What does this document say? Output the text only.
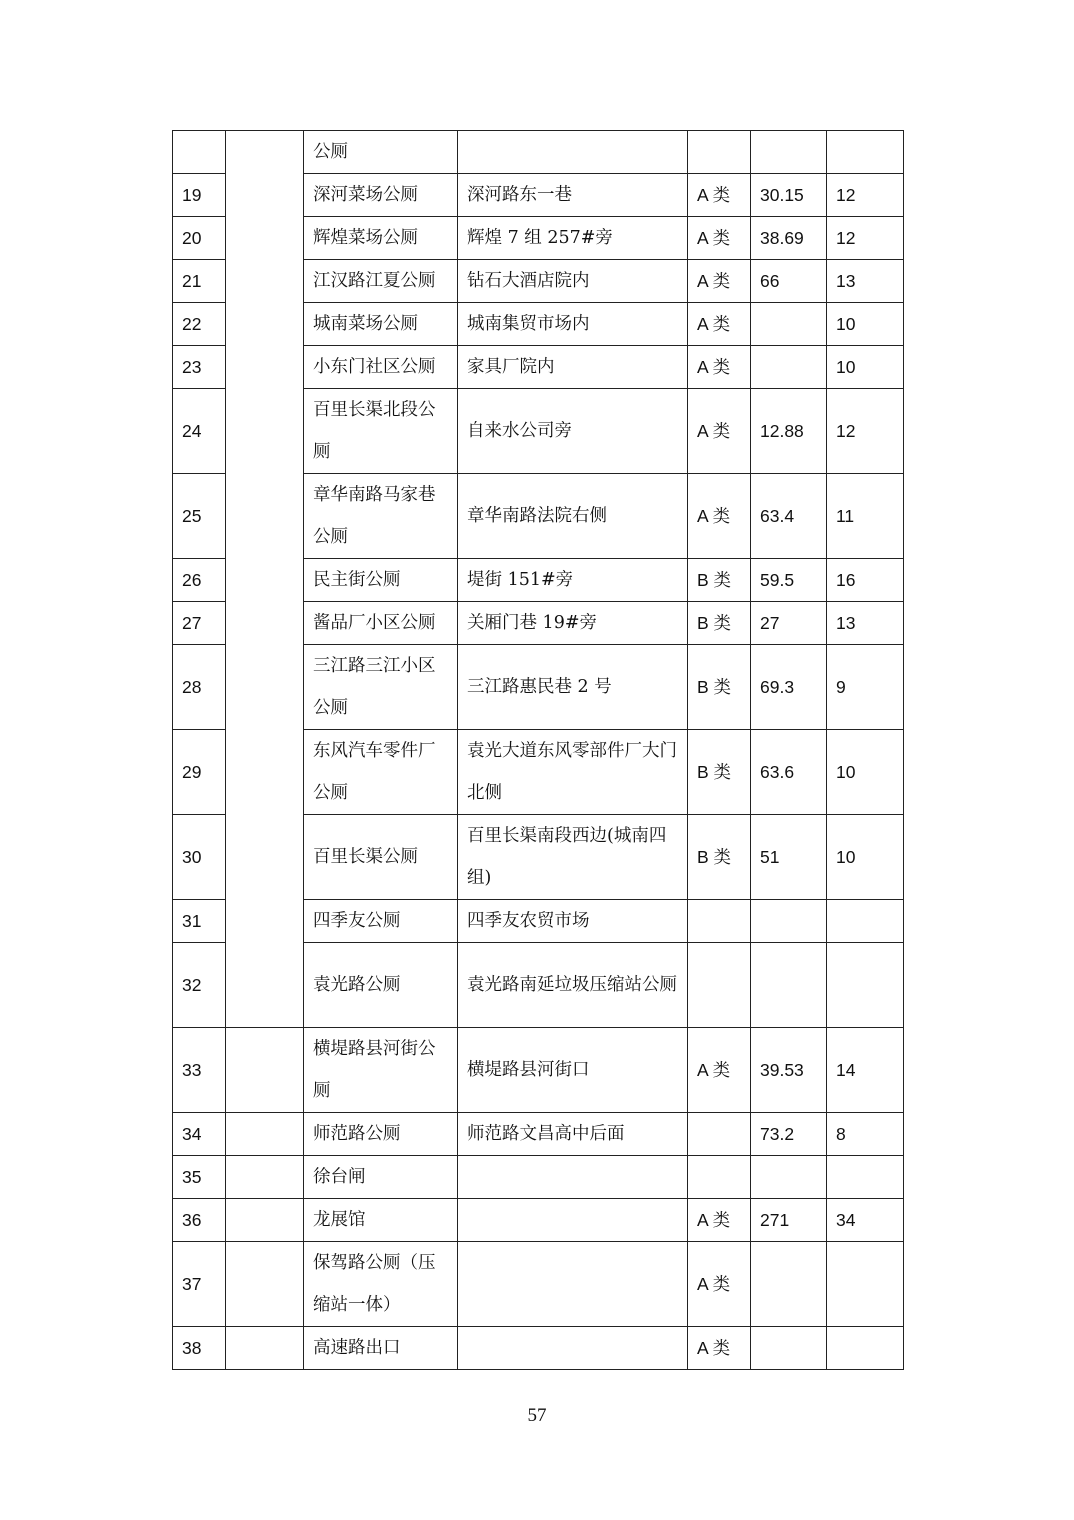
		公厕				
19		深河菜场公厕	深河路东一巷	A 类	30.15	12
20		辉煌菜场公厕	辉煌 7 组 257#旁	A 类	38.69	12
21		江汉路江夏公厕	钻石大酒店院内	A 类	66	13
22		城南菜场公厕	城南集贸市场内	A 类		10
23		小东门社区公厕	家具厂院内	A 类		10
24		百里长渠北段公厕	自来水公司旁	A 类	12.88	12
25		章华南路马家巷公厕	章华南路法院右侧	A 类	63.4	11
26		民主街公厕	堤街 151#旁	B 类	59.5	16
27		酱品厂小区公厕	关厢门巷 19#旁	B 类	27	13
28		三江路三江小区公厕	三江路惠民巷 2 号	B 类	69.3	9
29		东风汽车零件厂公厕	袁光大道东风零部件厂大门北侧	B 类	63.6	10
30		百里长渠公厕	百里长渠南段西边(城南四组)	B 类	51	10
31		四季友公厕	四季友农贸市场			
32		袁光路公厕	袁光路南延垃圾压缩站公厕			
33		横堤路县河街公厕	横堤路县河街口	A 类	39.53	14
34		师范路公厕	师范路文昌高中后面		73.2	8
35		徐台闸				
36		龙展馆		A 类	271	34
37		保驾路公厕（压缩站一体）		A 类		
38		高速路出口		A 类		
57
